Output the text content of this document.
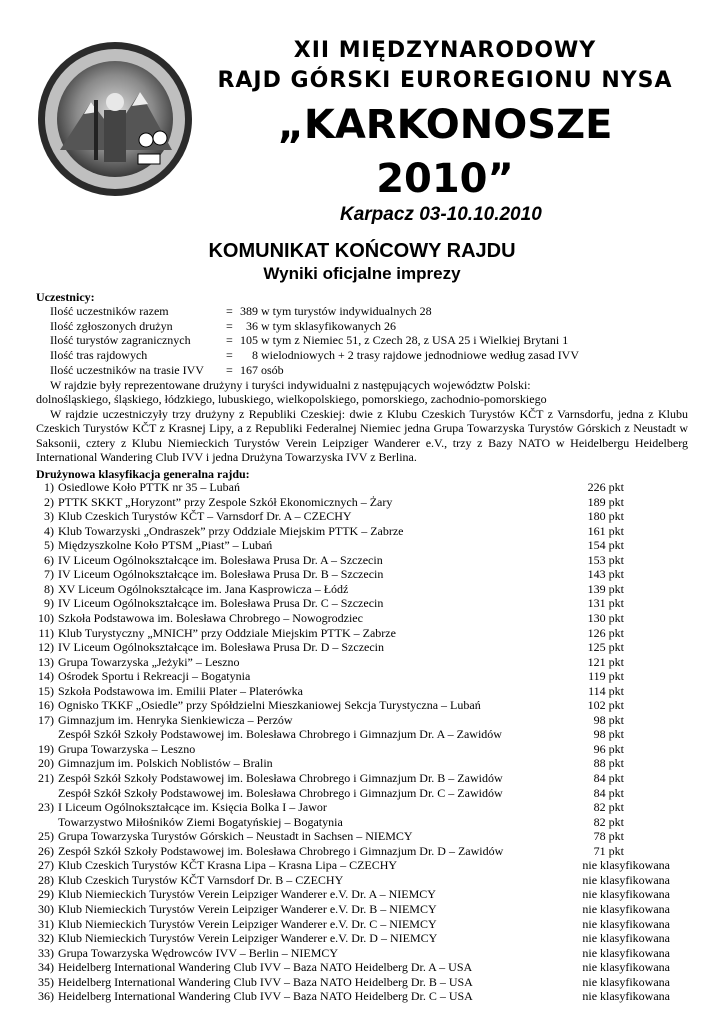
XII MIĘDZYNARODOWY
RAJD GÓRSKI EUROREGIONU NYSA
„KARKONOSZE
2010”
Karpacz 03-10.10.2010
KOMUNIKAT KOŃCOWY RAJDU
Wyniki oficjalne imprezy
Uczestnicy:
Ilość uczestników razem	= 389 w tym turystów indywidualnych 28
Ilość zgłoszonych drużyn	=  36 w tym sklasyfikowanych 26
Ilość turystów zagranicznych	= 105 w tym z Niemiec 51, z Czech 28, z USA 25 i Wielkiej Brytani 1
Ilość tras rajdowych	=    8 wielodniowych + 2 trasy rajdowe jednodniowe według zasad IVV
Ilość uczestników na trasie IVV = 167 osób
W rajdzie były reprezentowane drużyny i turyści indywidualni z następujących województw Polski:
dolnośląskiego, śląskiego, łódzkiego, lubuskiego, wielkopolskiego, pomorskiego, zachodnio-pomorskiego
W rajdzie uczestniczyły trzy drużyny z Republiki Czeskiej: dwie z Klubu Czeskich Turystów KČT z Varnsdorfu, jedna z Klubu Czeskich Turystów KČT z Krasnej Lipy, a z Republiki Federalnej Niemiec jedna Grupa Towarzyska Turystów Górskich z Neustadt w Saksonii, cztery z Klubu Niemieckich Turystów Verein Leipziger Wanderer e.V., trzy z Bazy NATO w Heidelbergu Heidelberg International Wandering Club IVV i jedna Drużyna Towarzyska IVV z Berlina.
Drużynowa klasyfikacja generalna rajdu:
1) Osiedlowe Koło PTTK nr 35 – Lubań	226 pkt
2) PTTK SKKT „Horyzont” przy Zespole Szkół Ekonomicznych – Żary	189 pkt
3) Klub Czeskich Turystów KČT – Varnsdorf Dr. A – CZECHY	180 pkt
4) Klub Towarzyski „Ondraszek” przy Oddziale Miejskim PTTK – Zabrze	161 pkt
5) Międzyszkolne Koło PTSM „Piast” – Lubań	154 pkt
6) IV Liceum Ogólnokształcące im. Bolesława Prusa Dr. A – Szczecin	153 pkt
7) IV Liceum Ogólnokształcące im. Bolesława Prusa Dr. B – Szczecin	143 pkt
8) XV Liceum Ogólnokształcące im. Jana Kasprowicza – Łódź	139 pkt
9) IV Liceum Ogólnokształcące im. Bolesława Prusa Dr. C – Szczecin	131 pkt
10) Szkoła Podstawowa im. Bolesława Chrobrego – Nowogrodziec	130 pkt
11) Klub Turystyczny „MNICH” przy Oddziale Miejskim PTTK – Zabrze	126 pkt
12) IV Liceum Ogólnokształcące im. Bolesława Prusa Dr. D – Szczecin	125 pkt
13) Grupa Towarzyska „Jeżyki” – Leszno	121 pkt
14) Ośrodek Sportu i Rekreacji – Bogatynia	119 pkt
15) Szkoła Podstawowa im. Emilii Plater – Platerówka	114 pkt
16) Ognisko TKKF „Osiedle” przy Spółdzielni Mieszkaniowej Sekcja Turystyczna – Lubań	102 pkt
17) Gimnazjum im. Henryka Sienkiewicza – Perzów	98 pkt
Zespół Szkół Szkoły Podstawowej im. Bolesława Chrobrego i Gimnazjum Dr. A – Zawidów	98 pkt
19) Grupa Towarzyska – Leszno	96 pkt
20) Gimnazjum im. Polskich Noblistów – Bralin	88 pkt
21) Zespół Szkół Szkoły Podstawowej im. Bolesława Chrobrego i Gimnazjum Dr. B – Zawidów	84 pkt
Zespół Szkół Szkoły Podstawowej im. Bolesława Chrobrego i Gimnazjum Dr. C – Zawidów	84 pkt
23) I Liceum Ogólnokształcące im. Księcia Bolka I – Jawor	82 pkt
Towarzystwo Miłośników Ziemi Bogatyńskiej – Bogatynia	82 pkt
25) Grupa Towarzyska Turystów Górskich – Neustadt in Sachsen – NIEMCY	78 pkt
26) Zespół Szkół Szkoły Podstawowej im. Bolesława Chrobrego i Gimnazjum Dr. D – Zawidów	71 pkt
27) Klub Czeskich Turystów KČT Krasna Lipa – Krasna Lipa – CZECHY	nie klasyfikowana
28) Klub Czeskich Turystów KČT Varnsdorf Dr. B – CZECHY	nie klasyfikowana
29) Klub Niemieckich Turystów Verein Leipziger Wanderer e.V. Dr. A – NIEMCY	nie klasyfikowana
30) Klub Niemieckich Turystów Verein Leipziger Wanderer e.V. Dr. B – NIEMCY	nie klasyfikowana
31) Klub Niemieckich Turystów Verein Leipziger Wanderer e.V. Dr. C – NIEMCY	nie klasyfikowana
32) Klub Niemieckich Turystów Verein Leipziger Wanderer e.V. Dr. D – NIEMCY	nie klasyfikowana
33) Grupa Towarzyska Wędrowców IVV – Berlin – NIEMCY	nie klasyfikowana
34) Heidelberg International Wandering Club IVV – Baza NATO Heidelberg Dr. A – USA	nie klasyfikowana
35) Heidelberg International Wandering Club IVV – Baza NATO Heidelberg Dr. B – USA	nie klasyfikowana
36) Heidelberg International Wandering Club IVV – Baza NATO Heidelberg Dr. C – USA	nie klasyfikowana
